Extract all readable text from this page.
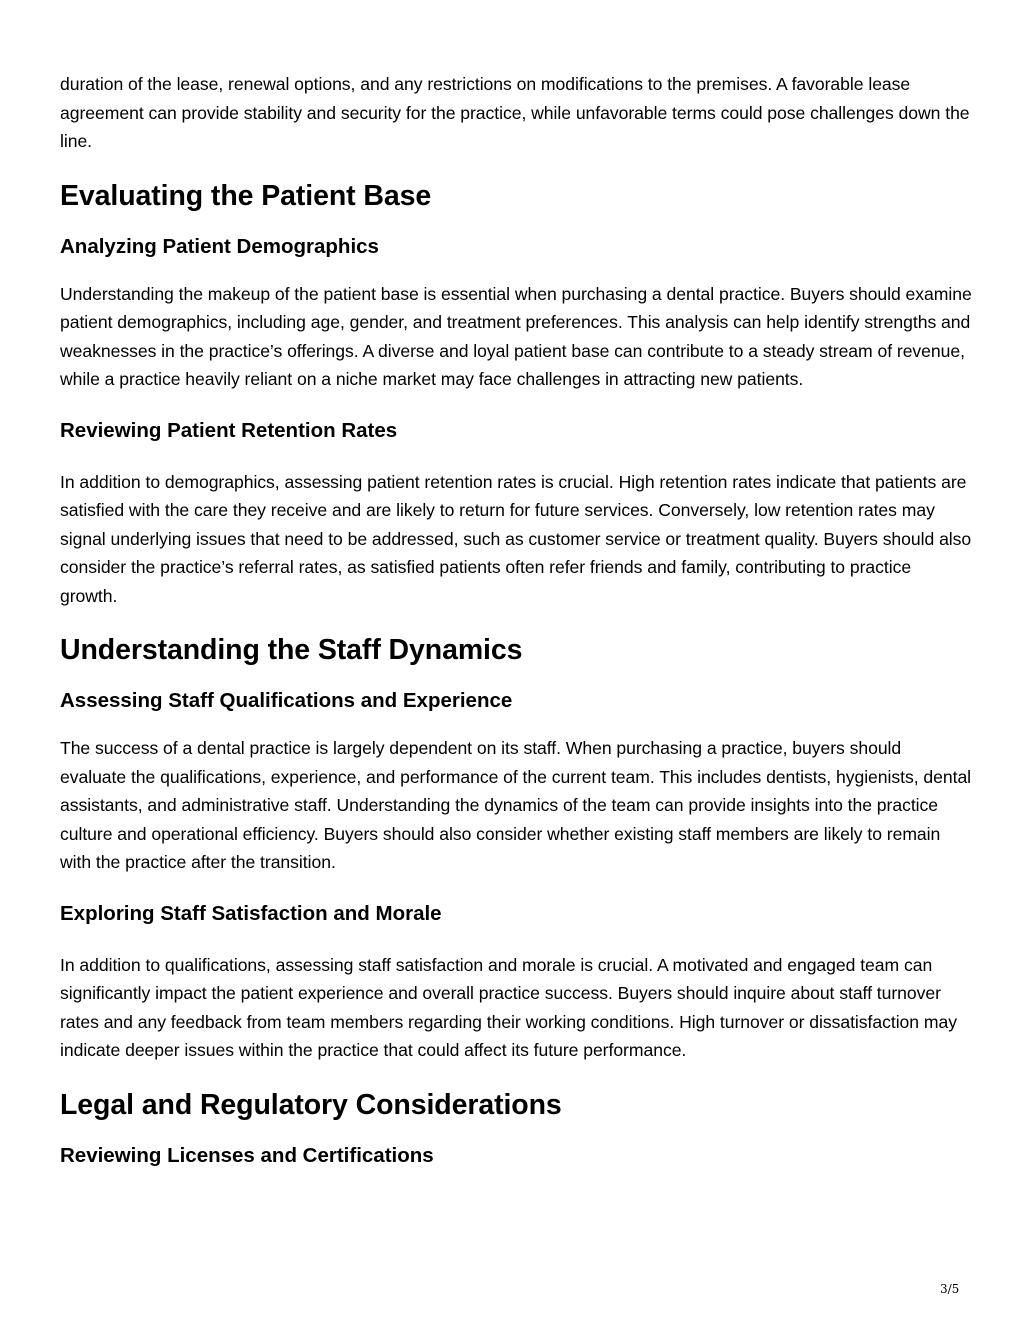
duration of the lease, renewal options, and any restrictions on modifications to the premises. A favorable lease agreement can provide stability and security for the practice, while unfavorable terms could pose challenges down the line.

Evaluating the Patient Base
Analyzing Patient Demographics

Understanding the makeup of the patient base is essential when purchasing a dental practice. Buyers should examine patient demographics, including age, gender, and treatment preferences. This analysis can help identify strengths and weaknesses in the practice’s offerings. A diverse and loyal patient base can contribute to a steady stream of revenue, while a practice heavily reliant on a niche market may face challenges in attracting new patients.

Reviewing Patient Retention Rates

In addition to demographics, assessing patient retention rates is crucial. High retention rates indicate that patients are satisfied with the care they receive and are likely to return for future services. Conversely, low retention rates may signal underlying issues that need to be addressed, such as customer service or treatment quality. Buyers should also consider the practice’s referral rates, as satisfied patients often refer friends and family, contributing to practice growth.

Understanding the Staff Dynamics
Assessing Staff Qualifications and Experience

The success of a dental practice is largely dependent on its staff. When purchasing a practice, buyers should evaluate the qualifications, experience, and performance of the current team. This includes dentists, hygienists, dental assistants, and administrative staff. Understanding the dynamics of the team can provide insights into the practice culture and operational efficiency. Buyers should also consider whether existing staff members are likely to remain with the practice after the transition.

Exploring Staff Satisfaction and Morale

In addition to qualifications, assessing staff satisfaction and morale is crucial. A motivated and engaged team can significantly impact the patient experience and overall practice success. Buyers should inquire about staff turnover rates and any feedback from team members regarding their working conditions. High turnover or dissatisfaction may indicate deeper issues within the practice that could affect its future performance.

Legal and Regulatory Considerations
Reviewing Licenses and Certifications
3/5
